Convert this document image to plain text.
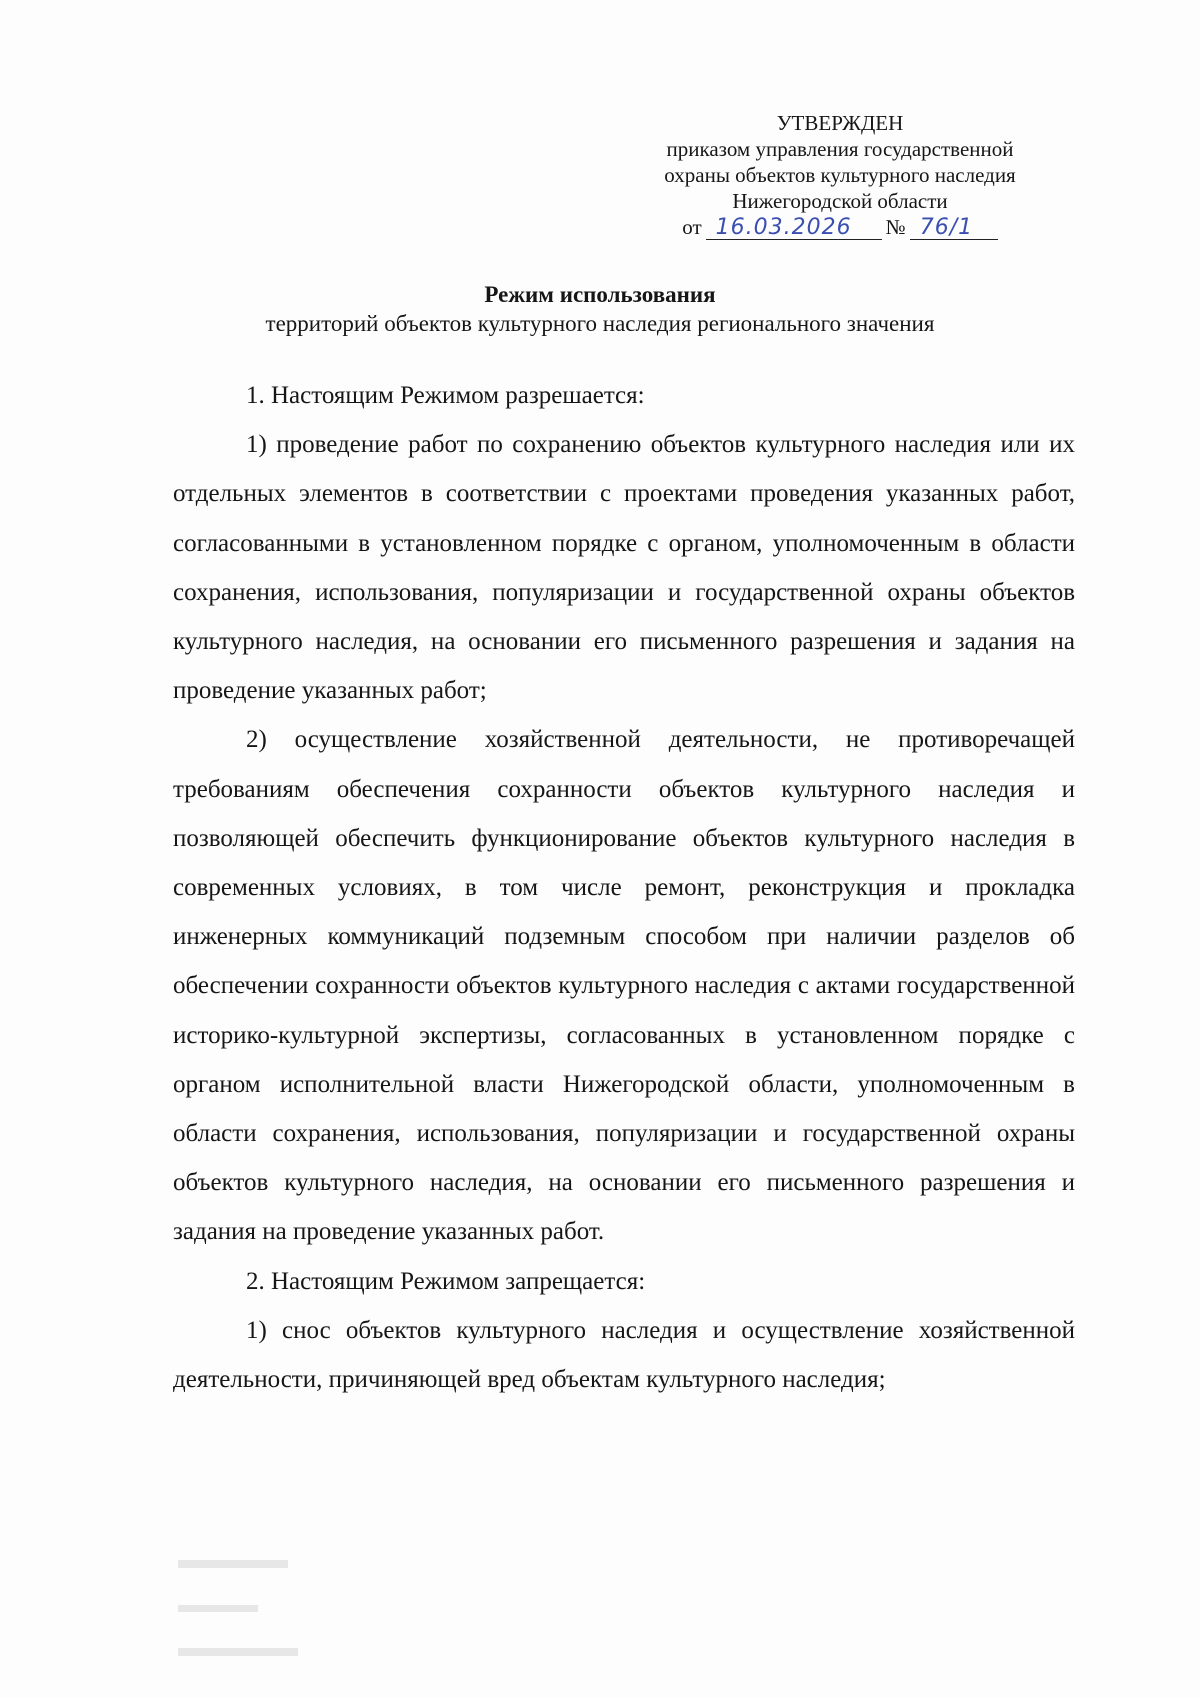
УТВЕРЖДЕН
приказом управления государственной
охраны объектов культурного наследия
Нижегородской области
от 16.03.2026	№ 76/1
Режим использования
территорий объектов культурного наследия регионального значения

1. Настоящим Режимом разрешается:

1) проведение работ по сохранению объектов культурного наследия или их отдельных элементов в соответствии с проектами проведения указанных работ, согласованными в установленном порядке с органом, уполномоченным в области сохранения, использования, популяризации и государственной охраны объектов культурного наследия, на основании его письменного разрешения и задания на проведение указанных работ;

2) осуществление хозяйственной деятельности, не противоречащей требованиям обеспечения сохранности объектов культурного наследия и позволяющей обеспечить функционирование объектов культурного наследия в современных условиях, в том числе ремонт, реконструкция и прокладка инженерных коммуникаций подземным способом при наличии разделов об обеспечении сохранности объектов культурного наследия с актами государственной историко-культурной экспертизы, согласованных в установленном порядке с органом исполнительной власти Нижегородской области, уполномоченным в области сохранения, использования, популяризации и государственной охраны объектов культурного наследия, на основании его письменного разрешения и задания на проведение указанных работ.

2. Настоящим Режимом запрещается:

1) снос объектов культурного наследия и осуществление хозяйственной деятельности, причиняющей вред объектам культурного наследия;
